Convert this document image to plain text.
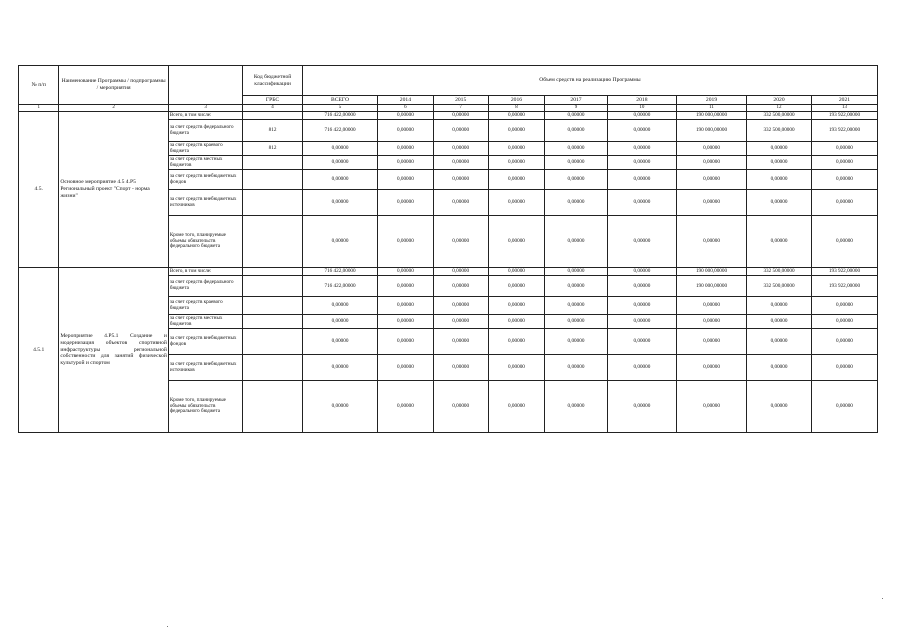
№ п/п	Наименование Программы / подпрограммы / мероприятия		Код бюджетной классификации	Объем средств на реализацию Программы								
			ГРБС	ВСЕГО	2014	2015	2016	2017	2018	2019	2020	2021
1	2	3	4	5	6	7	8	9	10	11	12	13
4.5.	Основное мероприятие 4.5 4.Р5 Региональный проект "Спорт - норма жизни"	Всего, в том числе:		716 422,00000	0,00000	0,00000	0,00000	0,00000	0,00000	190 000,00000	332 500,00000	193 922,00000
		за счет средств федерального бюджета	812	716 422,00000	0,00000	0,00000	0,00000	0,00000	0,00000	190 000,00000	332 500,00000	193 922,00000
		за счет средств краевого бюджета	812	0,00000	0,00000	0,00000	0,00000	0,00000	0,00000	0,00000	0,00000	0,00000
		за счет средств местных бюджетов		0,00000	0,00000	0,00000	0,00000	0,00000	0,00000	0,00000	0,00000	0,00000
		за счет средств внебюджетных фондов		0,00000	0,00000	0,00000	0,00000	0,00000	0,00000	0,00000	0,00000	0,00000
		за счет средств внебюджетных источников		0,00000	0,00000	0,00000	0,00000	0,00000	0,00000	0,00000	0,00000	0,00000
		Кроме того, планируемые объемы обязательств федерального бюджета		0,00000	0,00000	0,00000	0,00000	0,00000	0,00000	0,00000	0,00000	0,00000
4.5.1	Мероприятие 4.Р5.1 Создание и модернизация объектов спортивной инфраструктуры региональной собственности для занятий физической культурой и спортом	Всего, в том числе:		716 422,00000	0,00000	0,00000	0,00000	0,00000	0,00000	190 000,00000	332 500,00000	193 922,00000
		за счет средств федерального бюджета		716 422,00000	0,00000	0,00000	0,00000	0,00000	0,00000	190 000,00000	332 500,00000	193 922,00000
		за счет средств краевого бюджета		0,00000	0,00000	0,00000	0,00000	0,00000	0,00000	0,00000	0,00000	0,00000
		за счет средств местных бюджетов		0,00000	0,00000	0,00000	0,00000	0,00000	0,00000	0,00000	0,00000	0,00000
		за счет средств внебюджетных фондов		0,00000	0,00000	0,00000	0,00000	0,00000	0,00000	0,00000	0,00000	0,00000
		за счет средств внебюджетных источников		0,00000	0,00000	0,00000	0,00000	0,00000	0,00000	0,00000	0,00000	0,00000
		Кроме того, планируемые объемы обязательств федерального бюджета		0,00000	0,00000	0,00000	0,00000	0,00000	0,00000	0,00000	0,00000	0,00000
